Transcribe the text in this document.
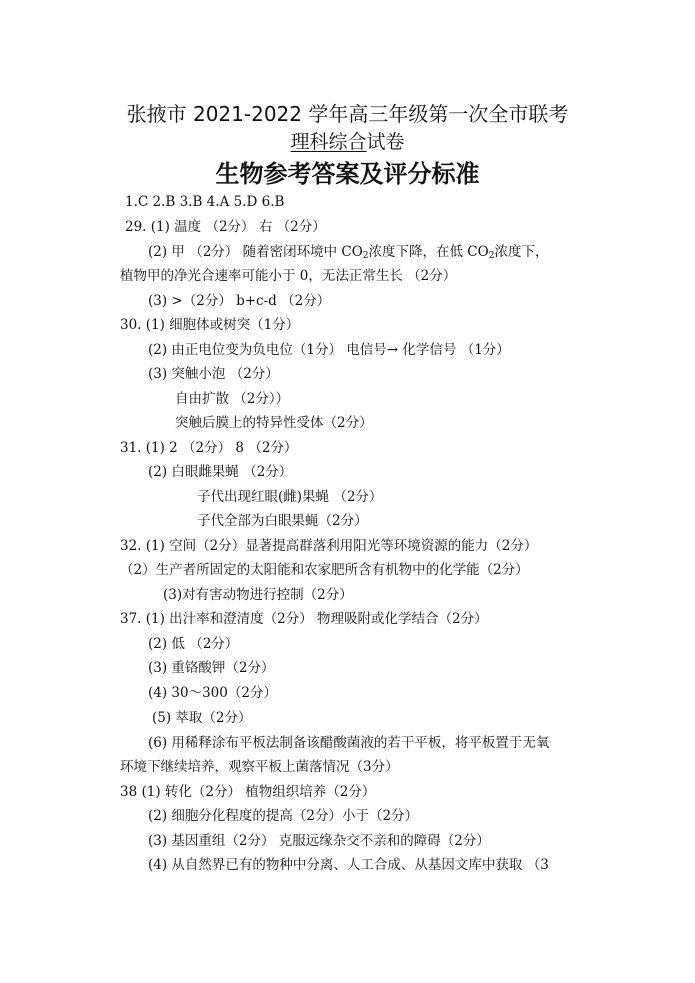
张掖市 2021-2022 学年高三年级第一次全市联考
理科综合试卷
生物参考答案及评分标准
1.C 2.B 3.B 4.A 5.D 6.B
29. (1) 温度 （2分） 右 （2分）
(2) 甲 （2分） 随着密闭环境中 $CO_2$浓度下降，在低 $CO_2$浓度下，
植物甲的净光合速率可能小于 0，无法正常生长 （2分）
(3) >（2分） b+c-d （2分）
30. (1) 细胞体或树突（1分）
(2) 由正电位变为负电位（1分） 电信号→ 化学信号 （1分）
(3) 突触小泡 （2分）
自由扩散 （2分））
突触后膜上的特异性受体（2分）
31. (1) 2 （2分） 8 （2分）
(2) 白眼雌果蝇 （2分）
子代出现红眼(雌)果蝇 （2分）
子代全部为白眼果蝇（2分）
32. (1) 空间（2分）显著提高群落利用阳光等环境资源的能力（2分）
（2）生产者所固定的太阳能和农家肥所含有机物中的化学能（2分）
(3)对有害动物进行控制（2分）
37. (1) 出汁率和澄清度（2分） 物理吸附或化学结合（2分）
(2) 低 （2分）
(3) 重铬酸钾（2分）
(4) 30～300（2分）
(5) 萃取（2分）
(6) 用稀释涂布平板法制备该醋酸菌液的若干平板，将平板置于无氧
环境下继续培养，观察平板上菌落情况（3分）
38 (1) 转化（2分） 植物组织培养（2分）
(2) 细胞分化程度的提高（2分）小于（2分）
(3) 基因重组（2分） 克服远缘杂交不亲和的障碍（2分）
(4) 从自然界已有的物种中分离、人工合成、从基因文库中获取 （3
